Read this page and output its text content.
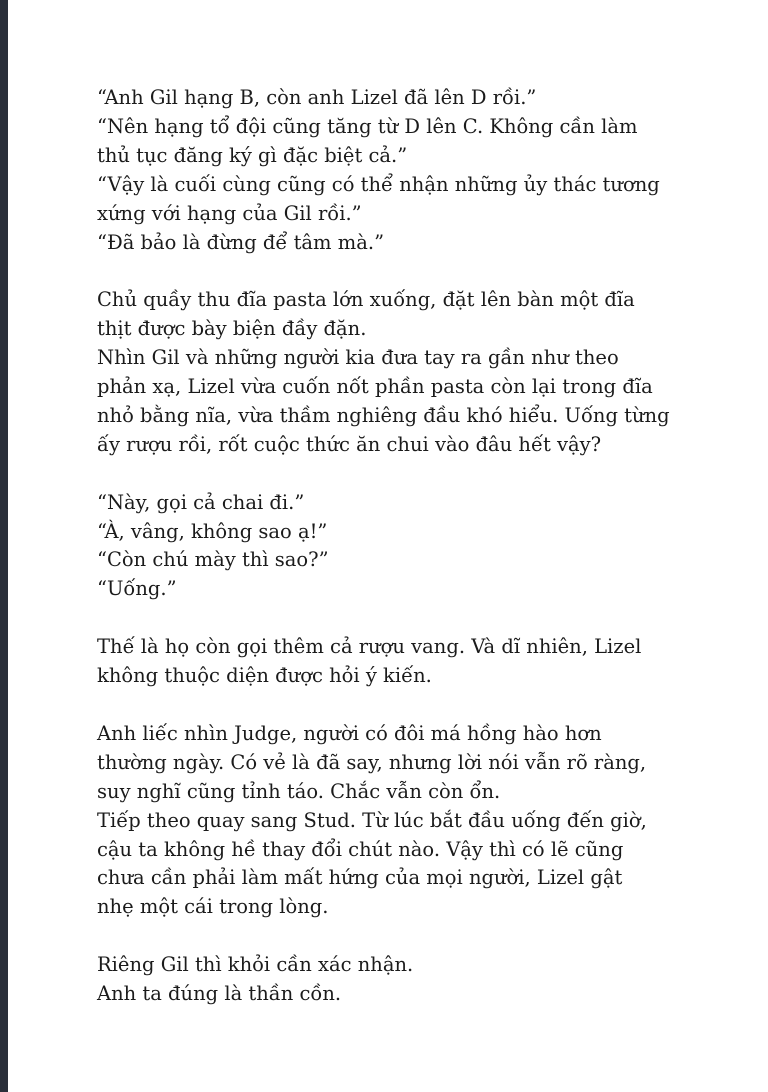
“Anh Gil hạng B, còn anh Lizel đã lên D rồi.”
“Nên hạng tổ đội cũng tăng từ D lên C. Không cần làm
thủ tục đăng ký gì đặc biệt cả.”
“Vậy là cuối cùng cũng có thể nhận những ủy thác tương
xứng với hạng của Gil rồi.”
“Đã bảo là đừng để tâm mà.”
Chủ quầy thu đĩa pasta lớn xuống, đặt lên bàn một đĩa
thịt được bày biện đầy đặn.
Nhìn Gil và những người kia đưa tay ra gần như theo
phản xạ, Lizel vừa cuốn nốt phần pasta còn lại trong đĩa
nhỏ bằng nĩa, vừa thầm nghiêng đầu khó hiểu. Uống từng
ấy rượu rồi, rốt cuộc thức ăn chui vào đâu hết vậy?
“Này, gọi cả chai đi.”
“À, vâng, không sao ạ!”
“Còn chú mày thì sao?”
“Uống.”
Thế là họ còn gọi thêm cả rượu vang. Và dĩ nhiên, Lizel
không thuộc diện được hỏi ý kiến.
Anh liếc nhìn Judge, người có đôi má hồng hào hơn
thường ngày. Có vẻ là đã say, nhưng lời nói vẫn rõ ràng,
suy nghĩ cũng tỉnh táo. Chắc vẫn còn ổn.
Tiếp theo quay sang Stud. Từ lúc bắt đầu uống đến giờ,
cậu ta không hề thay đổi chút nào. Vậy thì có lẽ cũng
chưa cần phải làm mất hứng của mọi người, Lizel gật
nhẹ một cái trong lòng.
Riêng Gil thì khỏi cần xác nhận.
Anh ta đúng là thần cồn.
